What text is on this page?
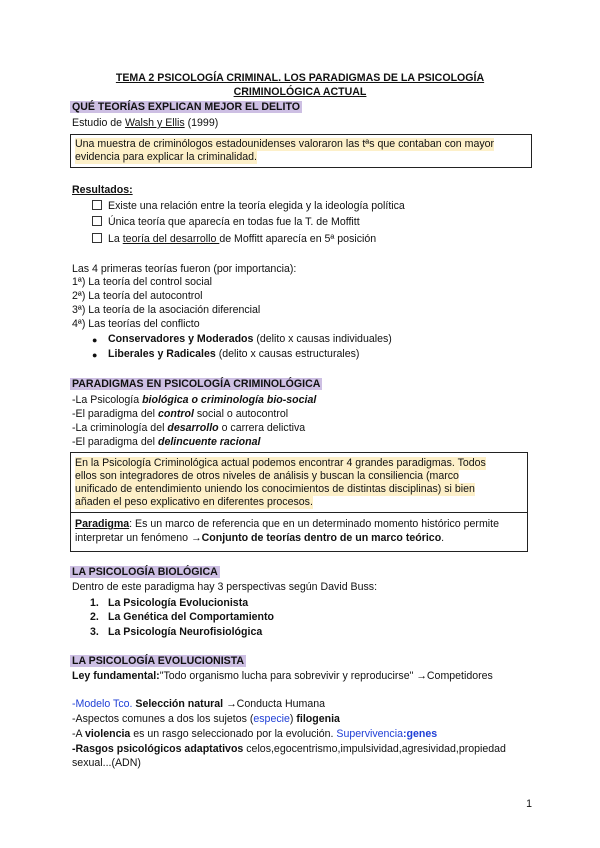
TEMA 2 PSICOLOGÍA CRIMINAL. LOS PARADIGMAS DE LA PSICOLOGÍA
CRIMINOLÓGICA ACTUAL
QUÉ TEORÍAS EXPLICAN MEJOR EL DELITO
Estudio de Walsh y Ellis (1999)
Una muestra de criminólogos estadounidenses valoraron las tªs que contaban con mayor
evidencia para explicar la criminalidad.
Resultados:
Existe una relación entre la teoría elegida y la ideología política
Única teoría que aparecía en todas fue la T. de Moffitt
La teoría del desarrollo de Moffitt aparecía en 5ª posición
Las 4 primeras teorías fueron (por importancia):
1ª) La teoría del control social
2ª) La teoría del autocontrol
3ª) La teoría de la asociación diferencial
4ª) Las teorías del conflicto
● Conservadores y Moderados (delito x causas individuales)
● Liberales y Radicales (delito x causas estructurales)
PARADIGMAS EN PSICOLOGÍA CRIMINOLÓGICA
-La Psicología biológica o criminología bio-social
-El paradigma del control social o autocontrol
-La criminología del desarrollo o carrera delictiva
-El paradigma del delincuente racional
En la Psicología Criminológica actual podemos encontrar 4 grandes paradigmas. Todos
ellos son integradores de otros niveles de análisis y buscan la consiliencia (marco
unificado de entendimiento uniendo los conocimientos de distintas disciplinas) si bien
añaden el peso explicativo en diferentes procesos.
Paradigma: Es un marco de referencia que en un determinado momento histórico permite
interpretar un fenómeno →Conjunto de teorías dentro de un marco teórico.
LA PSICOLOGÍA BIOLÓGICA
Dentro de este paradigma hay 3 perspectivas según David Buss:
1. La Psicología Evolucionista
2. La Genética del Comportamiento
3. La Psicología Neurofisiológica
LA PSICOLOGÍA EVOLUCIONISTA
Ley fundamental:"Todo organismo lucha para sobrevivir y reproducirse" →Competidores
-Modelo Tco. Selección natural →Conducta Humana
-Aspectos comunes a dos los sujetos (especie) filogenia
-A violencia es un rasgo seleccionado por la evolución. Supervivencia:genes
-Rasgos psicológicos adaptativos celos,egocentrismo,impulsividad,agresividad,propiedad
sexual...(ADN)
1
